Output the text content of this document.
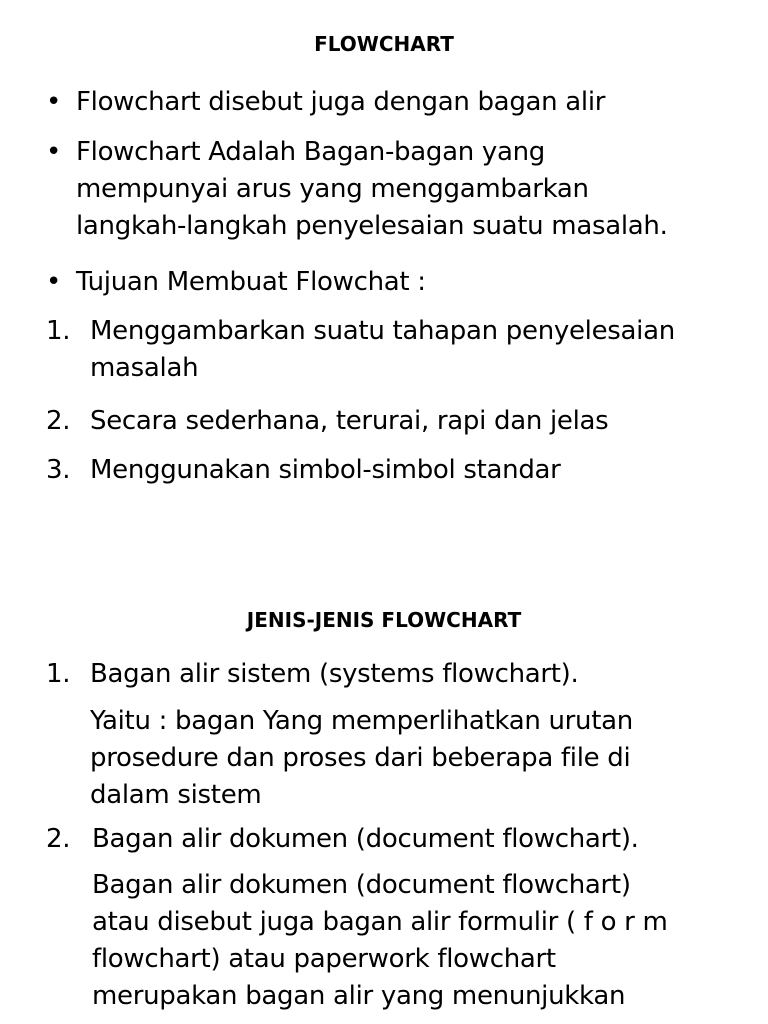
FLOWCHART
• Flowchart disebut juga dengan bagan alir
• Flowchart Adalah Bagan-bagan yang
mempunyai arus yang menggambarkan
langkah-langkah penyelesaian suatu masalah.
• Tujuan Membuat Flowchat :
1. Menggambarkan suatu tahapan penyelesaian
masalah
2. Secara sederhana, terurai, rapi dan jelas
3. Menggunakan simbol-simbol standar
JENIS-JENIS FLOWCHART
1. Bagan alir sistem (systems flowchart).
Yaitu : bagan Yang memperlihatkan urutan
prosedure dan proses dari beberapa file di
dalam sistem
2. Bagan alir dokumen (document flowchart).
Bagan alir dokumen (document flowchart)
atau disebut juga bagan alir formulir ( f o r m
flowchart) atau paperwork flowchart
merupakan bagan alir yang menunjukkan
